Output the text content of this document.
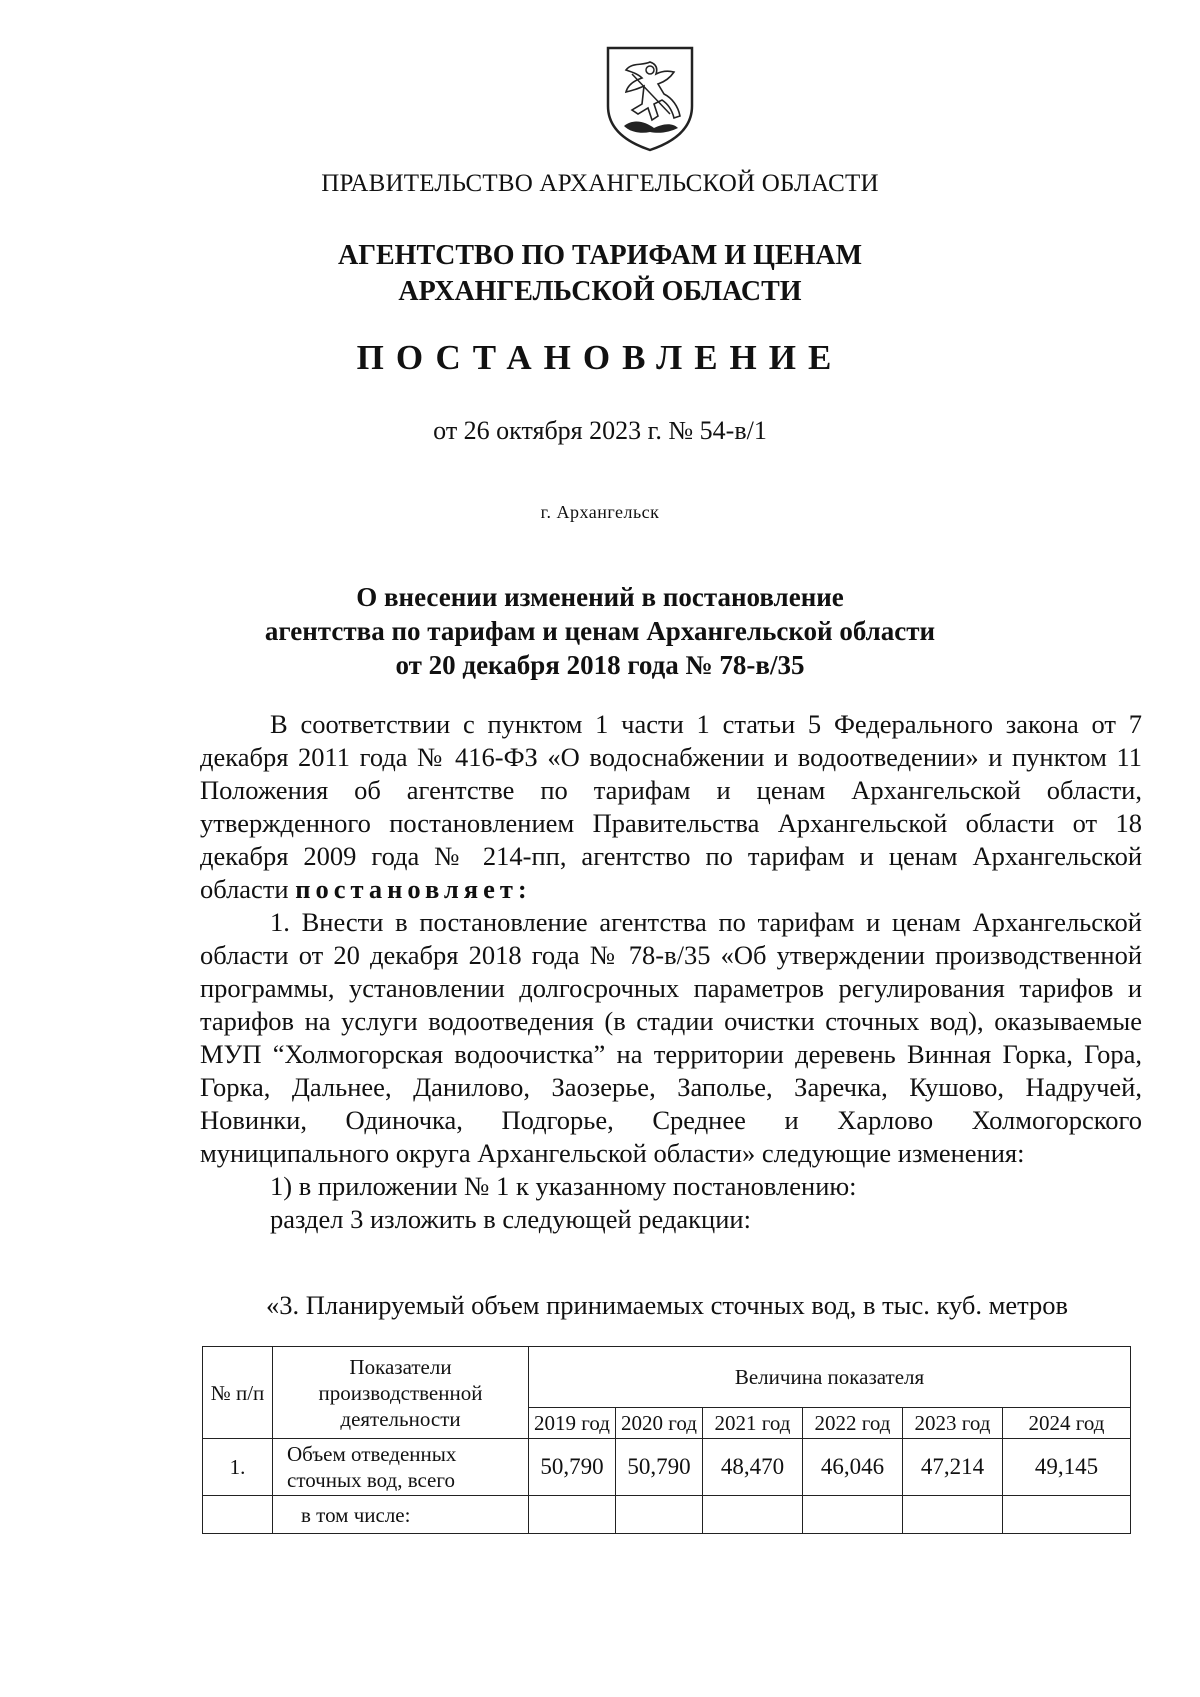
ПРАВИТЕЛЬСТВО АРХАНГЕЛЬСКОЙ ОБЛАСТИ
АГЕНТСТВО ПО ТАРИФАМ И ЦЕНАМ
АРХАНГЕЛЬСКОЙ ОБЛАСТИ
ПОСТАНОВЛЕНИЕ
от 26 октября 2023 г. № 54-в/1
г. Архангельск
О внесении изменений в постановление
агентства по тарифам и ценам Архангельской области
от 20 декабря 2018 года № 78-в/35

В соответствии с пунктом 1 части 1 статьи 5 Федерального закона от 7 декабря 2011 года № 416-ФЗ «О водоснабжении и водоотведении» и пунктом 11 Положения об агентстве по тарифам и ценам Архангельской области, утвержденного постановлением Правительства Архангельской области от 18 декабря 2009 года № 214-пп, агентство по тарифам и ценам Архангельской области постановляет:

1. Внести в постановление агентства по тарифам и ценам Архангельской области от 20 декабря 2018 года № 78-в/35 «Об утверждении производственной программы, установлении долгосрочных параметров регулирования тарифов и тарифов на услуги водоотведения (в стадии очистки сточных вод), оказываемые МУП “Холмогорская водоочистка” на территории деревень Винная Горка, Гора, Горка, Дальнее, Данилово, Заозерье, Заполье, Заречка, Кушово, Надручей, Новинки, Одиночка, Подгорье, Среднее и Харлово Холмогорского муниципального округа Архангельской области» следующие изменения:

1) в приложении № 1 к указанному постановлению:

раздел 3 изложить в следующей редакции:

«3. Планируемый объем принимаемых сточных вод, в тыс. куб. метров
№ п/п	Показатели производственной деятельности	Величина показателя					
		2019 год	2020 год	2021 год	2022 год	2023 год	2024 год
1.	Объем отведенных сточных вод, всего	50,790	50,790	48,470	46,046	47,214	49,145
	в том числе:						
